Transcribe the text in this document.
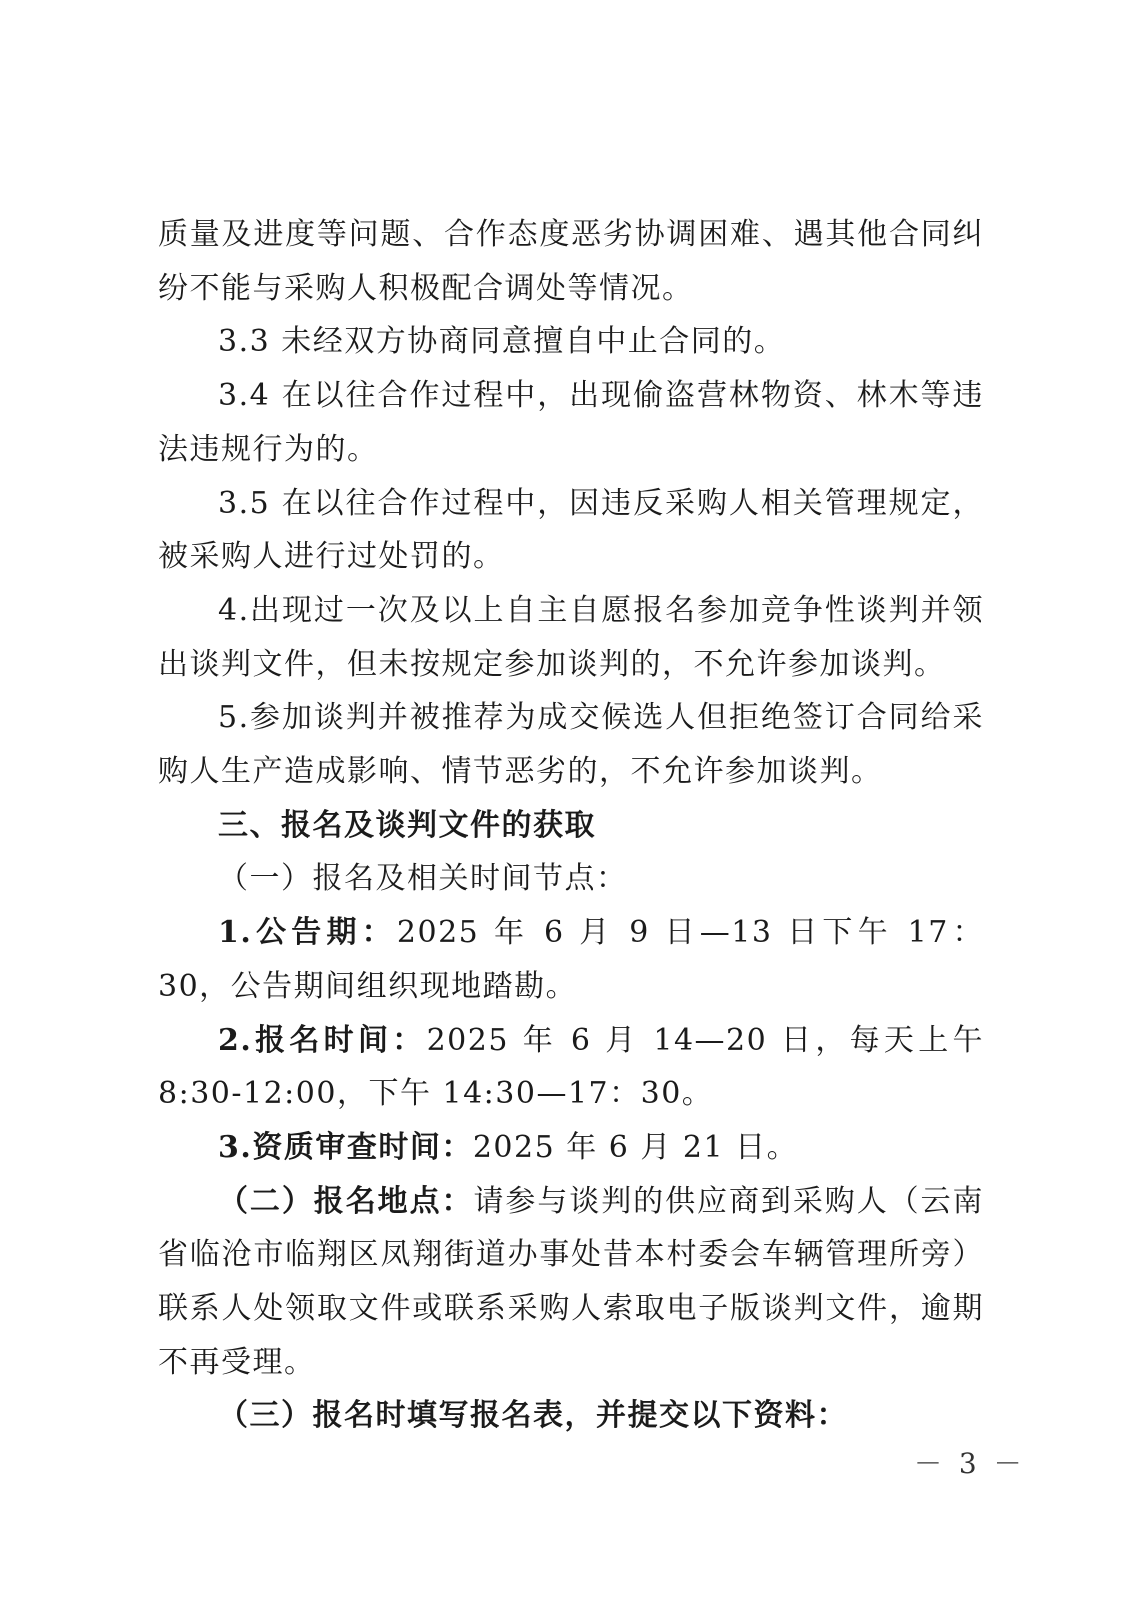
质量及进度等问题、合作态度恶劣协调困难、遇其他合同纠纷不能与采购人积极配合调处等情况。

3.3 未经双方协商同意擅自中止合同的。

3.4 在以往合作过程中，出现偷盗营林物资、林木等违法违规行为的。

3.5 在以往合作过程中，因违反采购人相关管理规定，被采购人进行过处罚的。

4.出现过一次及以上自主自愿报名参加竞争性谈判并领出谈判文件，但未按规定参加谈判的，不允许参加谈判。

5.参加谈判并被推荐为成交候选人但拒绝签订合同给采购人生产造成影响、情节恶劣的，不允许参加谈判。

三、报名及谈判文件的获取

（一）报名及相关时间节点：

1.公告期：2025 年 6 月 9 日—13 日下午 17：30，公告期间组织现地踏勘。

2.报名时间：2025 年 6 月 14—20 日，每天上午 8:30-12:00，下午 14:30—17：30。

3.资质审查时间：2025 年 6 月 21 日。

（二）报名地点：请参与谈判的供应商到采购人（云南省临沧市临翔区凤翔街道办事处昔本村委会车辆管理所旁）联系人处领取文件或联系采购人索取电子版谈判文件，逾期不再受理。

（三）报名时填写报名表，并提交以下资料：

－ 3 －
